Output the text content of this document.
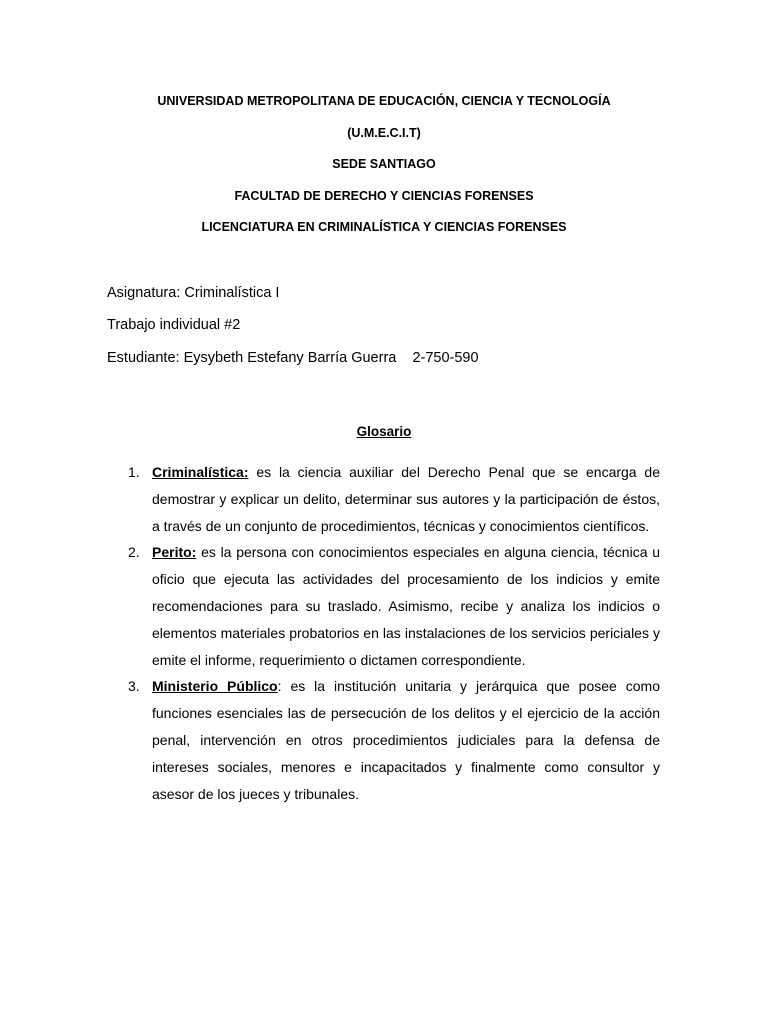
UNIVERSIDAD METROPOLITANA DE EDUCACIÓN, CIENCIA Y TECNOLOGÍA
(U.M.E.C.I.T)
SEDE SANTIAGO
FACULTAD DE DERECHO Y CIENCIAS FORENSES
LICENCIATURA EN CRIMINALÍSTICA Y CIENCIAS FORENSES
Asignatura: Criminalística I
Trabajo individual #2
Estudiante: Eysybeth Estefany Barría Guerra    2-750-590
Glosario
1. Criminalística: es la ciencia auxiliar del Derecho Penal que se encarga de demostrar y explicar un delito, determinar sus autores y la participación de éstos, a través de un conjunto de procedimientos, técnicas y conocimientos científicos.
2. Perito: es la persona con conocimientos especiales en alguna ciencia, técnica u oficio que ejecuta las actividades del procesamiento de los indicios y emite recomendaciones para su traslado. Asimismo, recibe y analiza los indicios o elementos materiales probatorios en las instalaciones de los servicios periciales y emite el informe, requerimiento o dictamen correspondiente.
3. Ministerio Público: es la institución unitaria y jerárquica que posee como funciones esenciales las de persecución de los delitos y el ejercicio de la acción penal, intervención en otros procedimientos judiciales para la defensa de intereses sociales, menores e incapacitados y finalmente como consultor y asesor de los jueces y tribunales.
